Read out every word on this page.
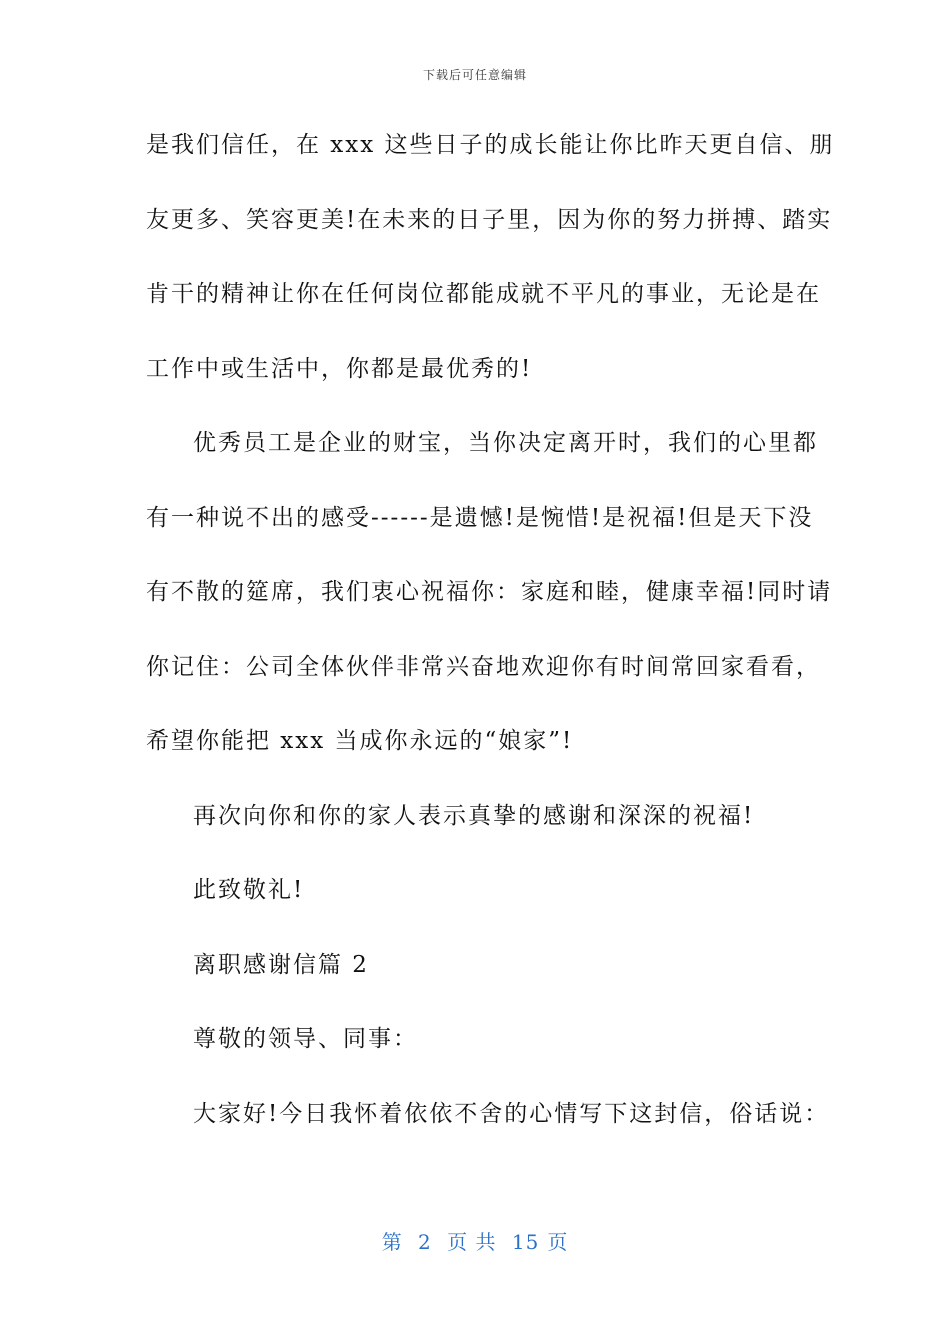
下载后可任意编辑
是我们信任，在 xxx 这些日子的成长能让你比昨天更自信、朋
友更多、笑容更美!在未来的日子里，因为你的努力拼搏、踏实
肯干的精神让你在任何岗位都能成就不平凡的事业，无论是在
工作中或生活中，你都是最优秀的!
优秀员工是企业的财宝，当你决定离开时，我们的心里都
有一种说不出的感受------是遗憾!是惋惜!是祝福!但是天下没
有不散的筵席，我们衷心祝福你：家庭和睦，健康幸福!同时请
你记住：公司全体伙伴非常兴奋地欢迎你有时间常回家看看，
希望你能把 xxx 当成你永远的“娘家”!
再次向你和你的家人表示真挚的感谢和深深的祝福!
此致敬礼!
离职感谢信篇 2
尊敬的领导、同事：
大家好!今日我怀着依依不舍的心情写下这封信，俗话说：
第 2 页 共 15 页
